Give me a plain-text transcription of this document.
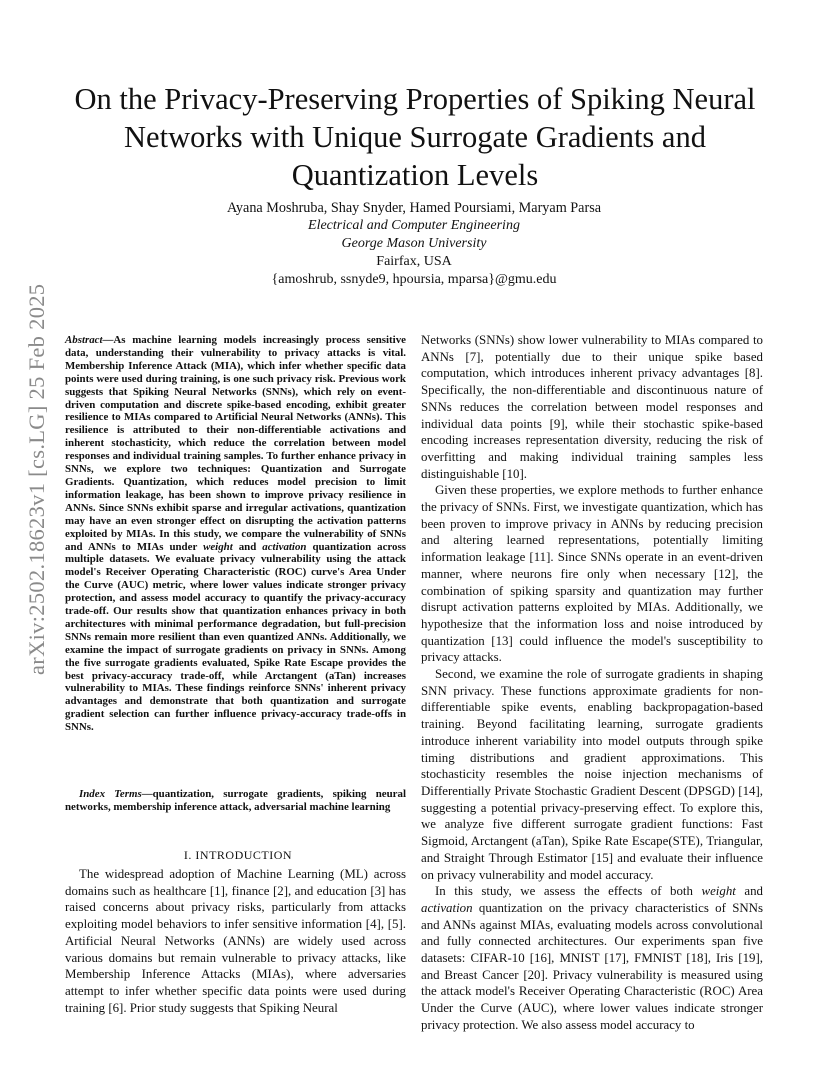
arXiv:2502.18623v1 [cs.LG] 25 Feb 2025
On the Privacy-Preserving Properties of Spiking Neural Networks with Unique Surrogate Gradients and Quantization Levels
Ayana Moshruba, Shay Snyder, Hamed Poursiami, Maryam Parsa
Electrical and Computer Engineering
George Mason University
Fairfax, USA
{amoshrub, ssnyde9, hpoursia, mparsa}@gmu.edu
Abstract—As machine learning models increasingly process sensitive data, understanding their vulnerability to privacy attacks is vital. Membership Inference Attack (MIA), which infer whether specific data points were used during training, is one such privacy risk. Previous work suggests that Spiking Neural Networks (SNNs), which rely on event-driven computation and discrete spike-based encoding, exhibit greater resilience to MIAs compared to Artificial Neural Networks (ANNs). This resilience is attributed to their non-differentiable activations and inherent stochasticity, which reduce the correlation between model responses and individual training samples. To further enhance privacy in SNNs, we explore two techniques: Quantization and Surrogate Gradients. Quantization, which reduces model precision to limit information leakage, has been shown to improve privacy resilience in ANNs. Since SNNs exhibit sparse and irregular activations, quantization may have an even stronger effect on disrupting the activation patterns exploited by MIAs. In this study, we compare the vulnerability of SNNs and ANNs to MIAs under weight and activation quantization across multiple datasets. We evaluate privacy vulnerability using the attack model's Receiver Operating Characteristic (ROC) curve's Area Under the Curve (AUC) metric, where lower values indicate stronger privacy protection, and assess model accuracy to quantify the privacy-accuracy trade-off. Our results show that quantization enhances privacy in both architectures with minimal performance degradation, but full-precision SNNs remain more resilient than even quantized ANNs. Additionally, we examine the impact of surrogate gradients on privacy in SNNs. Among the five surrogate gradients evaluated, Spike Rate Escape provides the best privacy-accuracy trade-off, while Arctangent (aTan) increases vulnerability to MIAs. These findings reinforce SNNs' inherent privacy advantages and demonstrate that both quantization and surrogate gradient selection can further influence privacy-accuracy trade-offs in SNNs.
Index Terms—quantization, surrogate gradients, spiking neural networks, membership inference attack, adversarial machine learning
I. INTRODUCTION

The widespread adoption of Machine Learning (ML) across domains such as healthcare [1], finance [2], and education [3] has raised concerns about privacy risks, particularly from attacks exploiting model behaviors to infer sensitive information [4], [5]. Artificial Neural Networks (ANNs) are widely used across various domains but remain vulnerable to privacy attacks, like Membership Inference Attacks (MIAs), where adversaries attempt to infer whether specific data points were used during training [6]. Prior study suggests that Spiking Neural

Networks (SNNs) show lower vulnerability to MIAs compared to ANNs [7], potentially due to their unique spike based computation, which introduces inherent privacy advantages [8]. Specifically, the non-differentiable and discontinuous nature of SNNs reduces the correlation between model responses and individual data points [9], while their stochastic spike-based encoding increases representation diversity, reducing the risk of overfitting and making individual training samples less distinguishable [10].

Given these properties, we explore methods to further enhance the privacy of SNNs. First, we investigate quantization, which has been proven to improve privacy in ANNs by reducing precision and altering learned representations, potentially limiting information leakage [11]. Since SNNs operate in an event-driven manner, where neurons fire only when necessary [12], the combination of spiking sparsity and quantization may further disrupt activation patterns exploited by MIAs. Additionally, we hypothesize that the information loss and noise introduced by quantization [13] could influence the model's susceptibility to privacy attacks.

Second, we examine the role of surrogate gradients in shaping SNN privacy. These functions approximate gradients for non-differentiable spike events, enabling backpropagation-based training. Beyond facilitating learning, surrogate gradients introduce inherent variability into model outputs through spike timing distributions and gradient approximations. This stochasticity resembles the noise injection mechanisms of Differentially Private Stochastic Gradient Descent (DPSGD) [14], suggesting a potential privacy-preserving effect. To explore this, we analyze five different surrogate gradient functions: Fast Sigmoid, Arctangent (aTan), Spike Rate Escape(STE), Triangular, and Straight Through Estimator [15] and evaluate their influence on privacy vulnerability and model accuracy.

In this study, we assess the effects of both weight and activation quantization on the privacy characteristics of SNNs and ANNs against MIAs, evaluating models across convolutional and fully connected architectures. Our experiments span five datasets: CIFAR-10 [16], MNIST [17], FMNIST [18], Iris [19], and Breast Cancer [20]. Privacy vulnerability is measured using the attack model's Receiver Operating Characteristic (ROC) Area Under the Curve (AUC), where lower values indicate stronger privacy protection. We also assess model accuracy to
